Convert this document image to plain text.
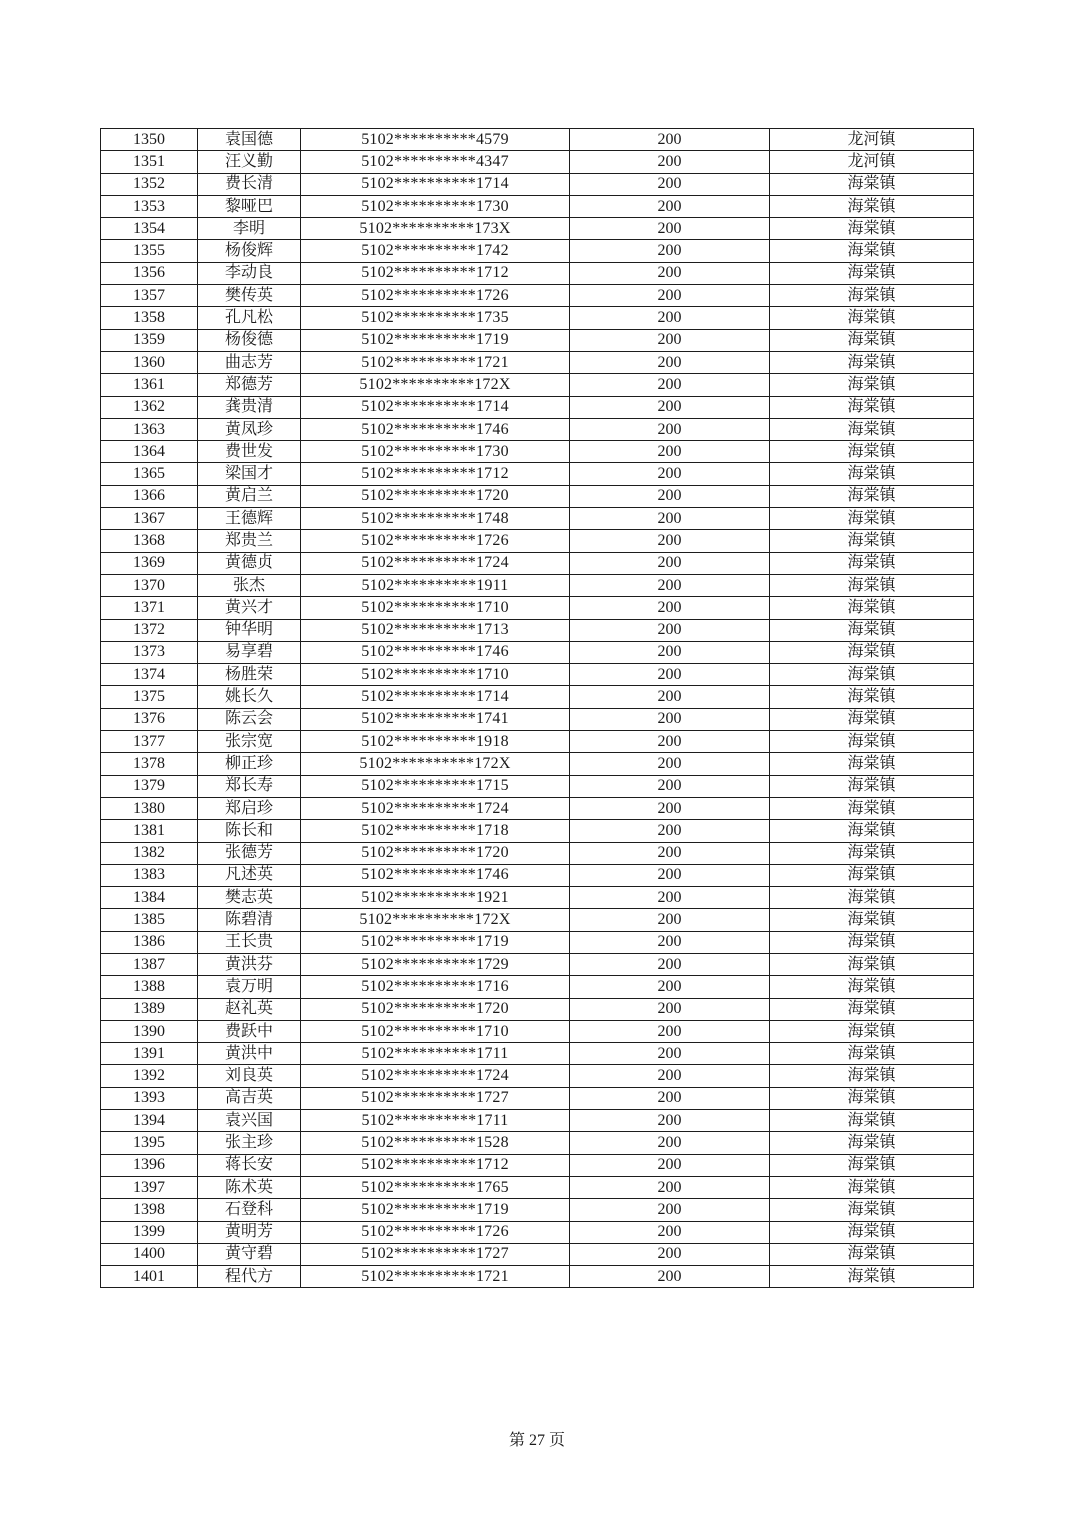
1350	袁国德	5102**********4579	200	龙河镇
1351	汪义勤	5102**********4347	200	龙河镇
1352	费长清	5102**********1714	200	海棠镇
1353	黎哑巴	5102**********1730	200	海棠镇
1354	李明	5102**********173X	200	海棠镇
1355	杨俊辉	5102**********1742	200	海棠镇
1356	李动良	5102**********1712	200	海棠镇
1357	樊传英	5102**********1726	200	海棠镇
1358	孔凡松	5102**********1735	200	海棠镇
1359	杨俊德	5102**********1719	200	海棠镇
1360	曲志芳	5102**********1721	200	海棠镇
1361	郑德芳	5102**********172X	200	海棠镇
1362	龚贵清	5102**********1714	200	海棠镇
1363	黄凤珍	5102**********1746	200	海棠镇
1364	费世发	5102**********1730	200	海棠镇
1365	梁国才	5102**********1712	200	海棠镇
1366	黄启兰	5102**********1720	200	海棠镇
1367	王德辉	5102**********1748	200	海棠镇
1368	郑贵兰	5102**********1726	200	海棠镇
1369	黄德贞	5102**********1724	200	海棠镇
1370	张杰	5102**********1911	200	海棠镇
1371	黄兴才	5102**********1710	200	海棠镇
1372	钟华明	5102**********1713	200	海棠镇
1373	易享碧	5102**********1746	200	海棠镇
1374	杨胜荣	5102**********1710	200	海棠镇
1375	姚长久	5102**********1714	200	海棠镇
1376	陈云会	5102**********1741	200	海棠镇
1377	张宗宽	5102**********1918	200	海棠镇
1378	柳正珍	5102**********172X	200	海棠镇
1379	郑长寿	5102**********1715	200	海棠镇
1380	郑启珍	5102**********1724	200	海棠镇
1381	陈长和	5102**********1718	200	海棠镇
1382	张德芳	5102**********1720	200	海棠镇
1383	凡述英	5102**********1746	200	海棠镇
1384	樊志英	5102**********1921	200	海棠镇
1385	陈碧清	5102**********172X	200	海棠镇
1386	王长贵	5102**********1719	200	海棠镇
1387	黄洪芬	5102**********1729	200	海棠镇
1388	袁万明	5102**********1716	200	海棠镇
1389	赵礼英	5102**********1720	200	海棠镇
1390	费跃中	5102**********1710	200	海棠镇
1391	黄洪中	5102**********1711	200	海棠镇
1392	刘良英	5102**********1724	200	海棠镇
1393	高吉英	5102**********1727	200	海棠镇
1394	袁兴国	5102**********1711	200	海棠镇
1395	张主珍	5102**********1528	200	海棠镇
1396	蒋长安	5102**********1712	200	海棠镇
1397	陈术英	5102**********1765	200	海棠镇
1398	石登科	5102**********1719	200	海棠镇
1399	黄明芳	5102**********1726	200	海棠镇
1400	黄守碧	5102**********1727	200	海棠镇
1401	程代方	5102**********1721	200	海棠镇
第 27 页
